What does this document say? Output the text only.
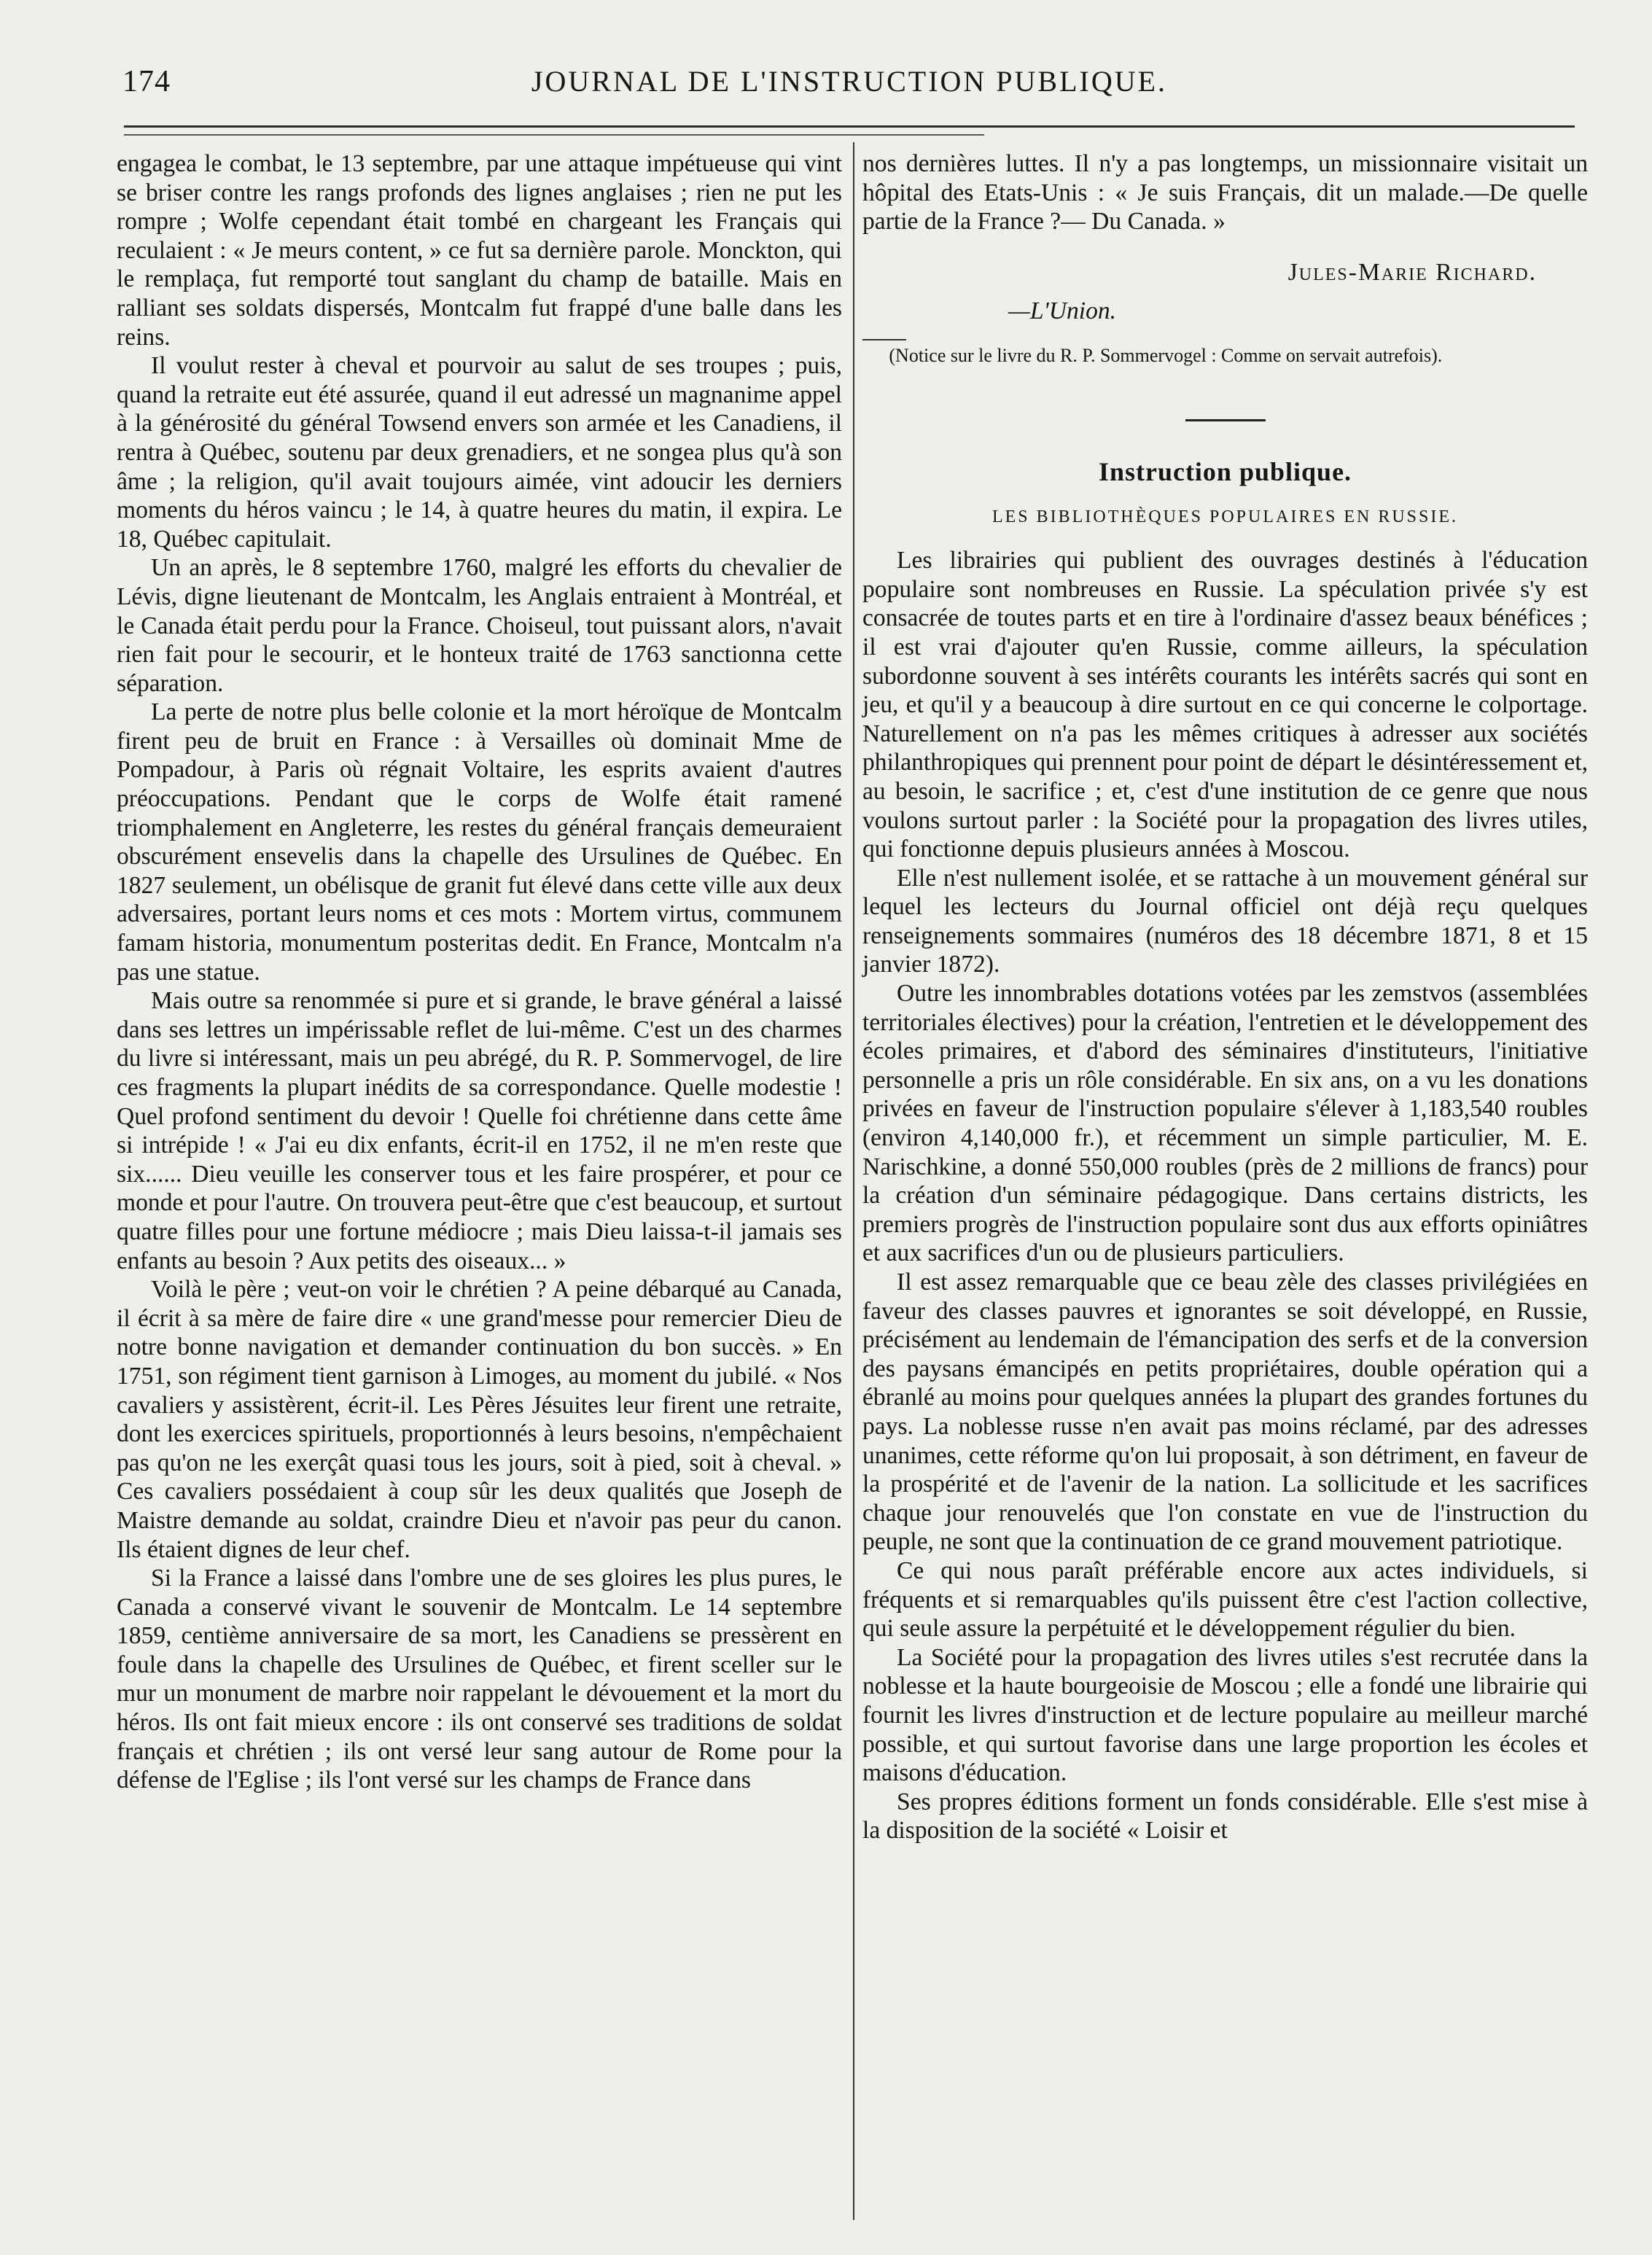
174	JOURNAL DE L'INSTRUCTION PUBLIQUE.

engagea le combat, le 13 septembre, par une attaque impétueuse qui vint se briser contre les rangs profonds des lignes anglaises ; rien ne put les rompre ; Wolfe cependant était tombé en chargeant les Français qui reculaient : « Je meurs content, » ce fut sa dernière parole. Monckton, qui le remplaça, fut remporté tout sanglant du champ de bataille. Mais en ralliant ses soldats dispersés, Montcalm fut frappé d'une balle dans les reins.

Il voulut rester à cheval et pourvoir au salut de ses troupes ; puis, quand la retraite eut été assurée, quand il eut adressé un magnanime appel à la générosité du général Towsend envers son armée et les Canadiens, il rentra à Québec, soutenu par deux grenadiers, et ne songea plus qu'à son âme ; la religion, qu'il avait toujours aimée, vint adoucir les derniers moments du héros vaincu ; le 14, à quatre heures du matin, il expira. Le 18, Québec capitulait.

Un an après, le 8 septembre 1760, malgré les efforts du chevalier de Lévis, digne lieutenant de Montcalm, les Anglais entraient à Montréal, et le Canada était perdu pour la France. Choiseul, tout puissant alors, n'avait rien fait pour le secourir, et le honteux traité de 1763 sanctionna cette séparation.

La perte de notre plus belle colonie et la mort héroïque de Montcalm firent peu de bruit en France : à Versailles où dominait Mme de Pompadour, à Paris où régnait Voltaire, les esprits avaient d'autres préoccupations. Pendant que le corps de Wolfe était ramené triomphalement en Angleterre, les restes du général français demeuraient obscurément ensevelis dans la chapelle des Ursulines de Québec. En 1827 seulement, un obélisque de granit fut élevé dans cette ville aux deux adversaires, portant leurs noms et ces mots : Mortem virtus, communem famam historia, monumentum posteritas dedit. En France, Montcalm n'a pas une statue.

Mais outre sa renommée si pure et si grande, le brave général a laissé dans ses lettres un impérissable reflet de lui-même. C'est un des charmes du livre si intéressant, mais un peu abrégé, du R. P. Sommervogel, de lire ces fragments la plupart inédits de sa correspondance. Quelle modestie ! Quel profond sentiment du devoir ! Quelle foi chrétienne dans cette âme si intrépide ! « J'ai eu dix enfants, écrit-il en 1752, il ne m'en reste que six...... Dieu veuille les conserver tous et les faire prospérer, et pour ce monde et pour l'autre. On trouvera peut-être que c'est beaucoup, et surtout quatre filles pour une fortune médiocre ; mais Dieu laissa-t-il jamais ses enfants au besoin ? Aux petits des oiseaux... »

Voilà le père ; veut-on voir le chrétien ? A peine débarqué au Canada, il écrit à sa mère de faire dire « une grand'messe pour remercier Dieu de notre bonne navigation et demander continuation du bon succès. » En 1751, son régiment tient garnison à Limoges, au moment du jubilé. « Nos cavaliers y assistèrent, écrit-il. Les Pères Jésuites leur firent une retraite, dont les exercices spirituels, proportionnés à leurs besoins, n'empêchaient pas qu'on ne les exerçât quasi tous les jours, soit à pied, soit à cheval. » Ces cavaliers possédaient à coup sûr les deux qualités que Joseph de Maistre demande au soldat, craindre Dieu et n'avoir pas peur du canon. Ils étaient dignes de leur chef.

Si la France a laissé dans l'ombre une de ses gloires les plus pures, le Canada a conservé vivant le souvenir de Montcalm. Le 14 septembre 1859, centième anniversaire de sa mort, les Canadiens se pressèrent en foule dans la chapelle des Ursulines de Québec, et firent sceller sur le mur un monument de marbre noir rappelant le dévouement et la mort du héros. Ils ont fait mieux encore : ils ont conservé ses traditions de soldat français et chrétien ; ils ont versé leur sang autour de Rome pour la défense de l'Eglise ; ils l'ont versé sur les champs de France dans

nos dernières luttes. Il n'y a pas longtemps, un missionnaire visitait un hôpital des Etats-Unis : « Je suis Français, dit un malade.—De quelle partie de la France ?— Du Canada. »

Jules-Marie Richard.
—L'Union.
(Notice sur le livre du R. P. Sommervogel : Comme on servait autrefois).
Instruction publique.
LES BIBLIOTHÈQUES POPULAIRES EN RUSSIE.

Les librairies qui publient des ouvrages destinés à l'éducation populaire sont nombreuses en Russie. La spéculation privée s'y est consacrée de toutes parts et en tire à l'ordinaire d'assez beaux bénéfices ; il est vrai d'ajouter qu'en Russie, comme ailleurs, la spéculation subordonne souvent à ses intérêts courants les intérêts sacrés qui sont en jeu, et qu'il y a beaucoup à dire surtout en ce qui concerne le colportage. Naturellement on n'a pas les mêmes critiques à adresser aux sociétés philanthropiques qui prennent pour point de départ le désintéressement et, au besoin, le sacrifice ; et, c'est d'une institution de ce genre que nous voulons surtout parler : la Société pour la propagation des livres utiles, qui fonctionne depuis plusieurs années à Moscou.

Elle n'est nullement isolée, et se rattache à un mouvement général sur lequel les lecteurs du Journal officiel ont déjà reçu quelques renseignements sommaires (numéros des 18 décembre 1871, 8 et 15 janvier 1872).

Outre les innombrables dotations votées par les zemstvos (assemblées territoriales électives) pour la création, l'entretien et le développement des écoles primaires, et d'abord des séminaires d'instituteurs, l'initiative personnelle a pris un rôle considérable. En six ans, on a vu les donations privées en faveur de l'instruction populaire s'élever à 1,183,540 roubles (environ 4,140,000 fr.), et récemment un simple particulier, M. E. Narischkine, a donné 550,000 roubles (près de 2 millions de francs) pour la création d'un séminaire pédagogique. Dans certains districts, les premiers progrès de l'instruction populaire sont dus aux efforts opiniâtres et aux sacrifices d'un ou de plusieurs particuliers.

Il est assez remarquable que ce beau zèle des classes privilégiées en faveur des classes pauvres et ignorantes se soit développé, en Russie, précisément au lendemain de l'émancipation des serfs et de la conversion des paysans émancipés en petits propriétaires, double opération qui a ébranlé au moins pour quelques années la plupart des grandes fortunes du pays. La noblesse russe n'en avait pas moins réclamé, par des adresses unanimes, cette réforme qu'on lui proposait, à son détriment, en faveur de la prospérité et de l'avenir de la nation. La sollicitude et les sacrifices chaque jour renouvelés que l'on constate en vue de l'instruction du peuple, ne sont que la continuation de ce grand mouvement patriotique.

Ce qui nous paraît préférable encore aux actes individuels, si fréquents et si remarquables qu'ils puissent être c'est l'action collective, qui seule assure la perpétuité et le développement régulier du bien.

La Société pour la propagation des livres utiles s'est recrutée dans la noblesse et la haute bourgeoisie de Moscou ; elle a fondé une librairie qui fournit les livres d'instruction et de lecture populaire au meilleur marché possible, et qui surtout favorise dans une large proportion les écoles et maisons d'éducation.

Ses propres éditions forment un fonds considérable. Elle s'est mise à la disposition de la société « Loisir et
